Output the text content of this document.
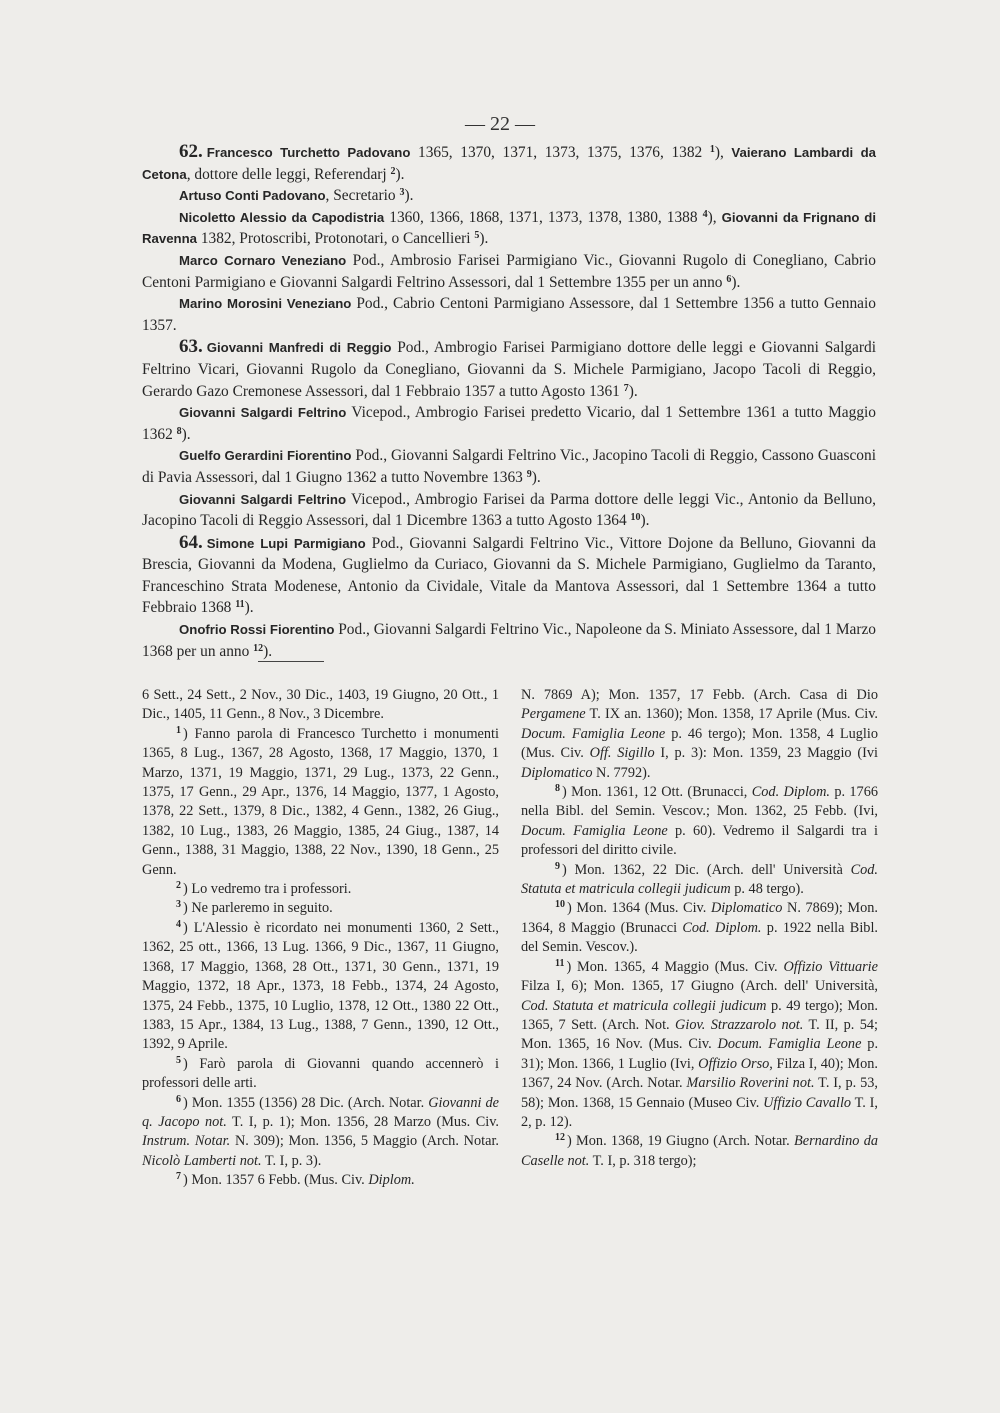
— 22 —

62. Francesco Turchetto Padovano 1365, 1370, 1371, 1373, 1375, 1376, 1382 $^1$), Vaierano Lambardi da Cetona, dottore delle leggi, Referendarj $^2$).

Artuso Conti Padovano, Secretario $^3$).

Nicoletto Alessio da Capodistria 1360, 1366, 1868, 1371, 1373, 1378, 1380, 1388 $^4$), Giovanni da Frignano di Ravenna 1382, Protoscribi, Protonotari, o Cancellieri $^5$).

Marco Cornaro Veneziano Pod., Ambrosio Farisei Parmigiano Vic., Giovanni Rugolo di Conegliano, Cabrio Centoni Parmigiano e Giovanni Salgardi Feltrino Assessori, dal 1 Settembre 1355 per un anno $^6$).

Marino Morosini Veneziano Pod., Cabrio Centoni Parmigiano Assessore, dal 1 Settembre 1356 a tutto Gennaio 1357.

63. Giovanni Manfredi di Reggio Pod., Ambrogio Farisei Parmigiano dottore delle leggi e Giovanni Salgardi Feltrino Vicari, Giovanni Rugolo da Conegliano, Giovanni da S. Michele Parmigiano, Jacopo Tacoli di Reggio, Gerardo Gazo Cremonese Assessori, dal 1 Febbraio 1357 a tutto Agosto 1361 $^7$).

Giovanni Salgardi Feltrino Vicepod., Ambrogio Farisei predetto Vicario, dal 1 Settembre 1361 a tutto Maggio 1362 $^8$).

Guelfo Gerardini Fiorentino Pod., Giovanni Salgardi Feltrino Vic., Jacopino Tacoli di Reggio, Cassono Guasconi di Pavia Assessori, dal 1 Giugno 1362 a tutto Novembre 1363 $^9$).

Giovanni Salgardi Feltrino Vicepod., Ambrogio Farisei da Parma dottore delle leggi Vic., Antonio da Belluno, Jacopino Tacoli di Reggio Assessori, dal 1 Dicembre 1363 a tutto Agosto 1364 $^{10}$).

64. Simone Lupi Parmigiano Pod., Giovanni Salgardi Feltrino Vic., Vittore Dojone da Belluno, Giovanni da Brescia, Giovanni da Modena, Guglielmo da Curiaco, Giovanni da S. Michele Parmigiano, Guglielmo da Taranto, Franceschino Strata Modenese, Antonio da Cividale, Vitale da Mantova Assessori, dal 1 Settembre 1364 a tutto Febbraio 1368 $^{11}$).

Onofrio Rossi Fiorentino Pod., Giovanni Salgardi Feltrino Vic., Napoleone da S. Miniato Assessore, dal 1 Marzo 1368 per un anno $^{12}$).

6 Sett., 24 Sett., 2 Nov., 30 Dic., 1403, 19 Giugno, 20 Ott., 1 Dic., 1405, 11 Genn., 8 Nov., 3 Dicembre.

$^1$ ) Fanno parola di Francesco Turchetto i monumenti 1365, 8 Lug., 1367, 28 Agosto, 1368, 17 Maggio, 1370, 1 Marzo, 1371, 19 Maggio, 1371, 29 Lug., 1373, 22 Genn., 1375, 17 Genn., 29 Apr., 1376, 14 Maggio, 1377, 1 Agosto, 1378, 22 Sett., 1379, 8 Dic., 1382, 4 Genn., 1382, 26 Giug., 1382, 10 Lug., 1383, 26 Maggio, 1385, 24 Giug., 1387, 14 Genn., 1388, 31 Maggio, 1388, 22 Nov., 1390, 18 Genn., 25 Genn.

$^2$ ) Lo vedremo tra i professori.

$^3$ ) Ne parleremo in seguito.

$^4$ ) L'Alessio è ricordato nei monumenti 1360, 2 Sett., 1362, 25 ott., 1366, 13 Lug. 1366, 9 Dic., 1367, 11 Giugno, 1368, 17 Maggio, 1368, 28 Ott., 1371, 30 Genn., 1371, 19 Maggio, 1372, 18 Apr., 1373, 18 Febb., 1374, 24 Agosto, 1375, 24 Febb., 1375, 10 Luglio, 1378, 12 Ott., 1380 22 Ott., 1383, 15 Apr., 1384, 13 Lug., 1388, 7 Genn., 1390, 12 Ott., 1392, 9 Aprile.

$^5$ ) Farò parola di Giovanni quando accennerò i professori delle arti.

$^6$ ) Mon. 1355 (1356) 28 Dic. (Arch. Notar. Giovanni de q. Jacopo not. T. I, p. 1); Mon. 1356, 28 Marzo (Mus. Civ. Instrum. Notar. N. 309); Mon. 1356, 5 Maggio (Arch. Notar. Nicolò Lamberti not. T. I, p. 3).

$^7$ ) Mon. 1357 6 Febb. (Mus. Civ. Diplom.

N. 7869 A); Mon. 1357, 17 Febb. (Arch. Casa di Dio Pergamene T. IX an. 1360); Mon. 1358, 17 Aprile (Mus. Civ. Docum. Famiglia Leone p. 46 tergo); Mon. 1358, 4 Luglio (Mus. Civ. Off. Sigillo I, p. 3): Mon. 1359, 23 Maggio (Ivi Diplomatico N. 7792).

$^8$ ) Mon. 1361, 12 Ott. (Brunacci, Cod. Diplom. p. 1766 nella Bibl. del Semin. Vescov.; Mon. 1362, 25 Febb. (Ivi, Docum. Famiglia Leone p. 60). Vedremo il Salgardi tra i professori del diritto civile.

$^9$ ) Mon. 1362, 22 Dic. (Arch. dell' Università Cod. Statuta et matricula collegii judicum p. 48 tergo).

$^{10}$ ) Mon. 1364 (Mus. Civ. Diplomatico N. 7869); Mon. 1364, 8 Maggio (Brunacci Cod. Diplom. p. 1922 nella Bibl. del Semin. Vescov.).

$^{11}$ ) Mon. 1365, 4 Maggio (Mus. Civ. Offizio Vittuarie Filza I, 6); Mon. 1365, 17 Giugno (Arch. dell' Università, Cod. Statuta et matricula collegii judicum p. 49 tergo); Mon. 1365, 7 Sett. (Arch. Not. Giov. Strazzarolo not. T. II, p. 54; Mon. 1365, 16 Nov. (Mus. Civ. Docum. Famiglia Leone p. 31); Mon. 1366, 1 Luglio (Ivi, Offizio Orso, Filza I, 40); Mon. 1367, 24 Nov. (Arch. Notar. Marsilio Roverini not. T. I, p. 53, 58); Mon. 1368, 15 Gennaio (Museo Civ. Uffizio Cavallo T. I, 2, p. 12).

$^{12}$ ) Mon. 1368, 19 Giugno (Arch. Notar. Bernardino da Caselle not. T. I, p. 318 tergo);
